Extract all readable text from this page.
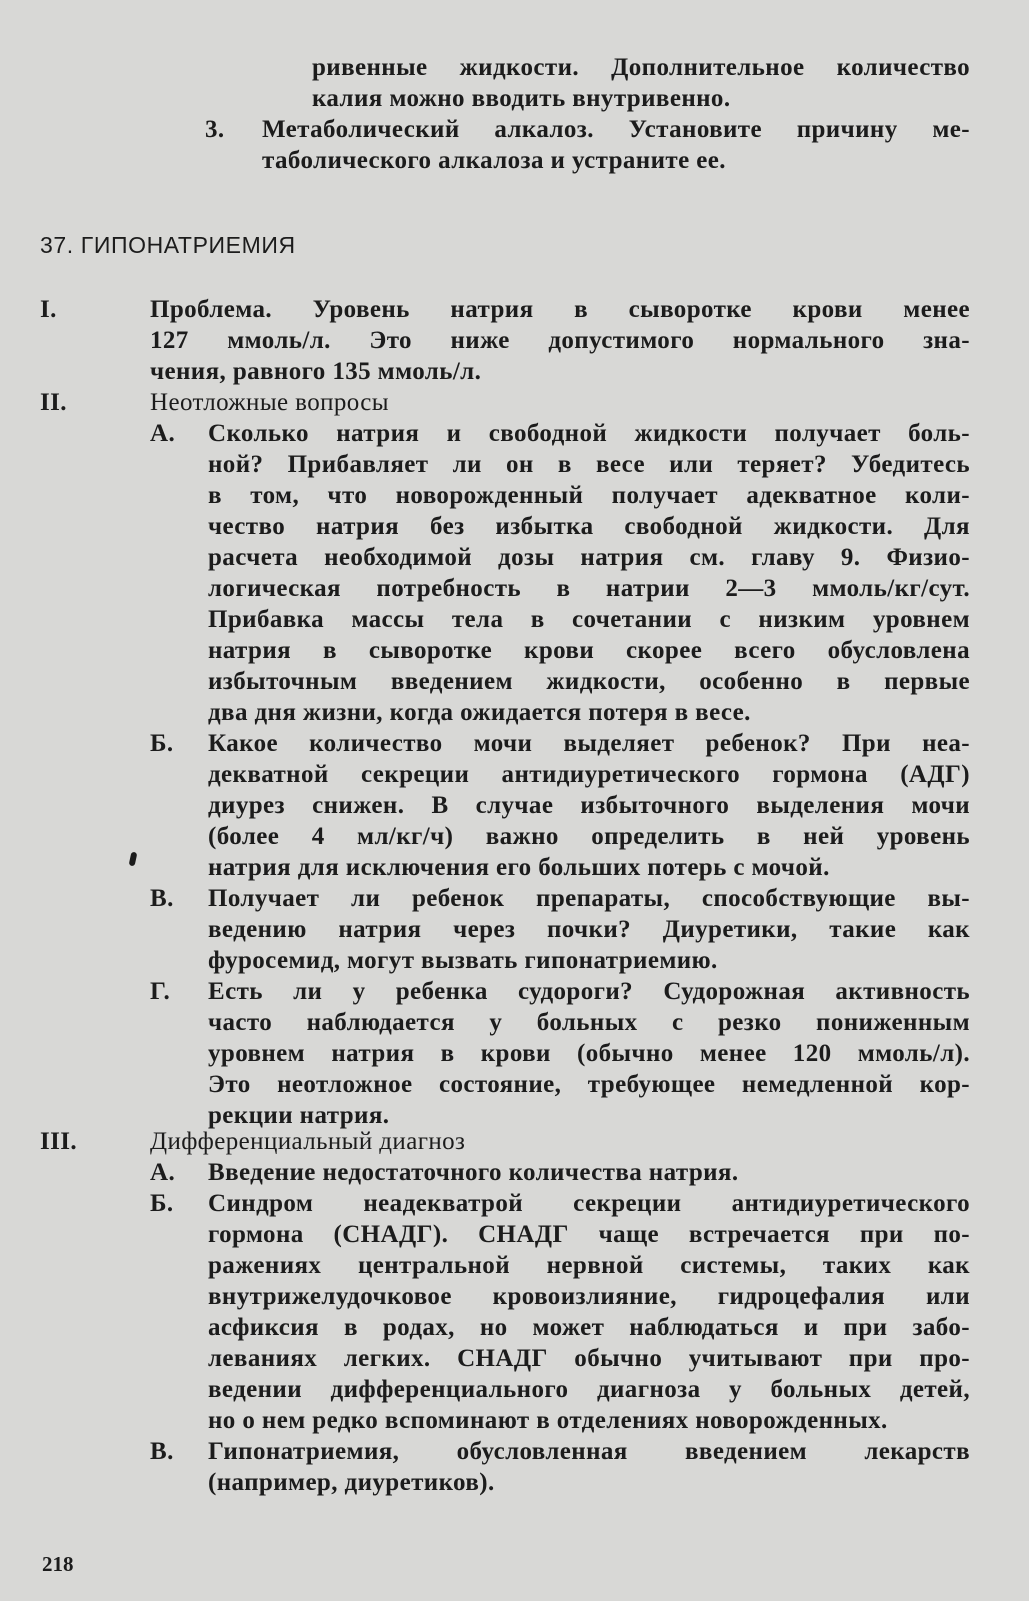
218
ривенные жидкости. Дополнительное количество
калия можно вводить внутривенно.
3. Метаболический алкалоз. Установите причину ме-
таболического алкалоза и устраните ее.
37. ГИПОНАТРИЕМИЯ
I.	Проблема. Уровень натрия в сыворотке крови менее
127 ммоль/л. Это ниже допустимого нормального зна-
чения, равного 135 ммоль/л.
II.	Неотложные вопросы
А. Сколько натрия и свободной жидкости получает боль-
ной? Прибавляет ли он в весе или теряет? Убедитесь
в том, что новорожденный получает адекватное коли-
чество натрия без избытка свободной жидкости. Для
расчета необходимой дозы натрия см. главу 9. Физио-
логическая потребность в натрии 2—3 ммоль/кг/сут.
Прибавка массы тела в сочетании с низким уровнем
натрия в сыворотке крови скорее всего обусловлена
избыточным введением жидкости, особенно в первые
два дня жизни, когда ожидается потеря в весе.
Б. Какое количество мочи выделяет ребенок? При неа-
декватной секреции антидиуретического гормона (АДГ)
диурез снижен. В случае избыточного выделения мочи
(более 4 мл/кг/ч) важно определить в ней уровень
натрия для исключения его больших потерь с мочой.
В. Получает ли ребенок препараты, способствующие вы-
ведению натрия через почки? Диуретики, такие как
фуросемид, могут вызвать гипонатриемию.
Г. Есть ли у ребенка судороги? Судорожная активность
часто наблюдается у больных с резко пониженным
уровнем натрия в крови (обычно менее 120 ммоль/л).
Это неотложное состояние, требующее немедленной кор-
рекции натрия.
III.	Дифференциальный диагноз
А. Введение недостаточного количества натрия.
Б. Синдром неадекватрой секреции антидиуретического
гормона (СНАДГ). СНАДГ чаще встречается при по-
ражениях центральной нервной системы, таких как
внутрижелудочковое кровоизлияние, гидроцефалия или
асфиксия в родах, но может наблюдаться и при забо-
леваниях легких. СНАДГ обычно учитывают при про-
ведении дифференциального диагноза у больных детей,
но о нем редко вспоминают в отделениях новорожденных.
В. Гипонатриемия, обусловленная введением лекарств
(например, диуретиков).
